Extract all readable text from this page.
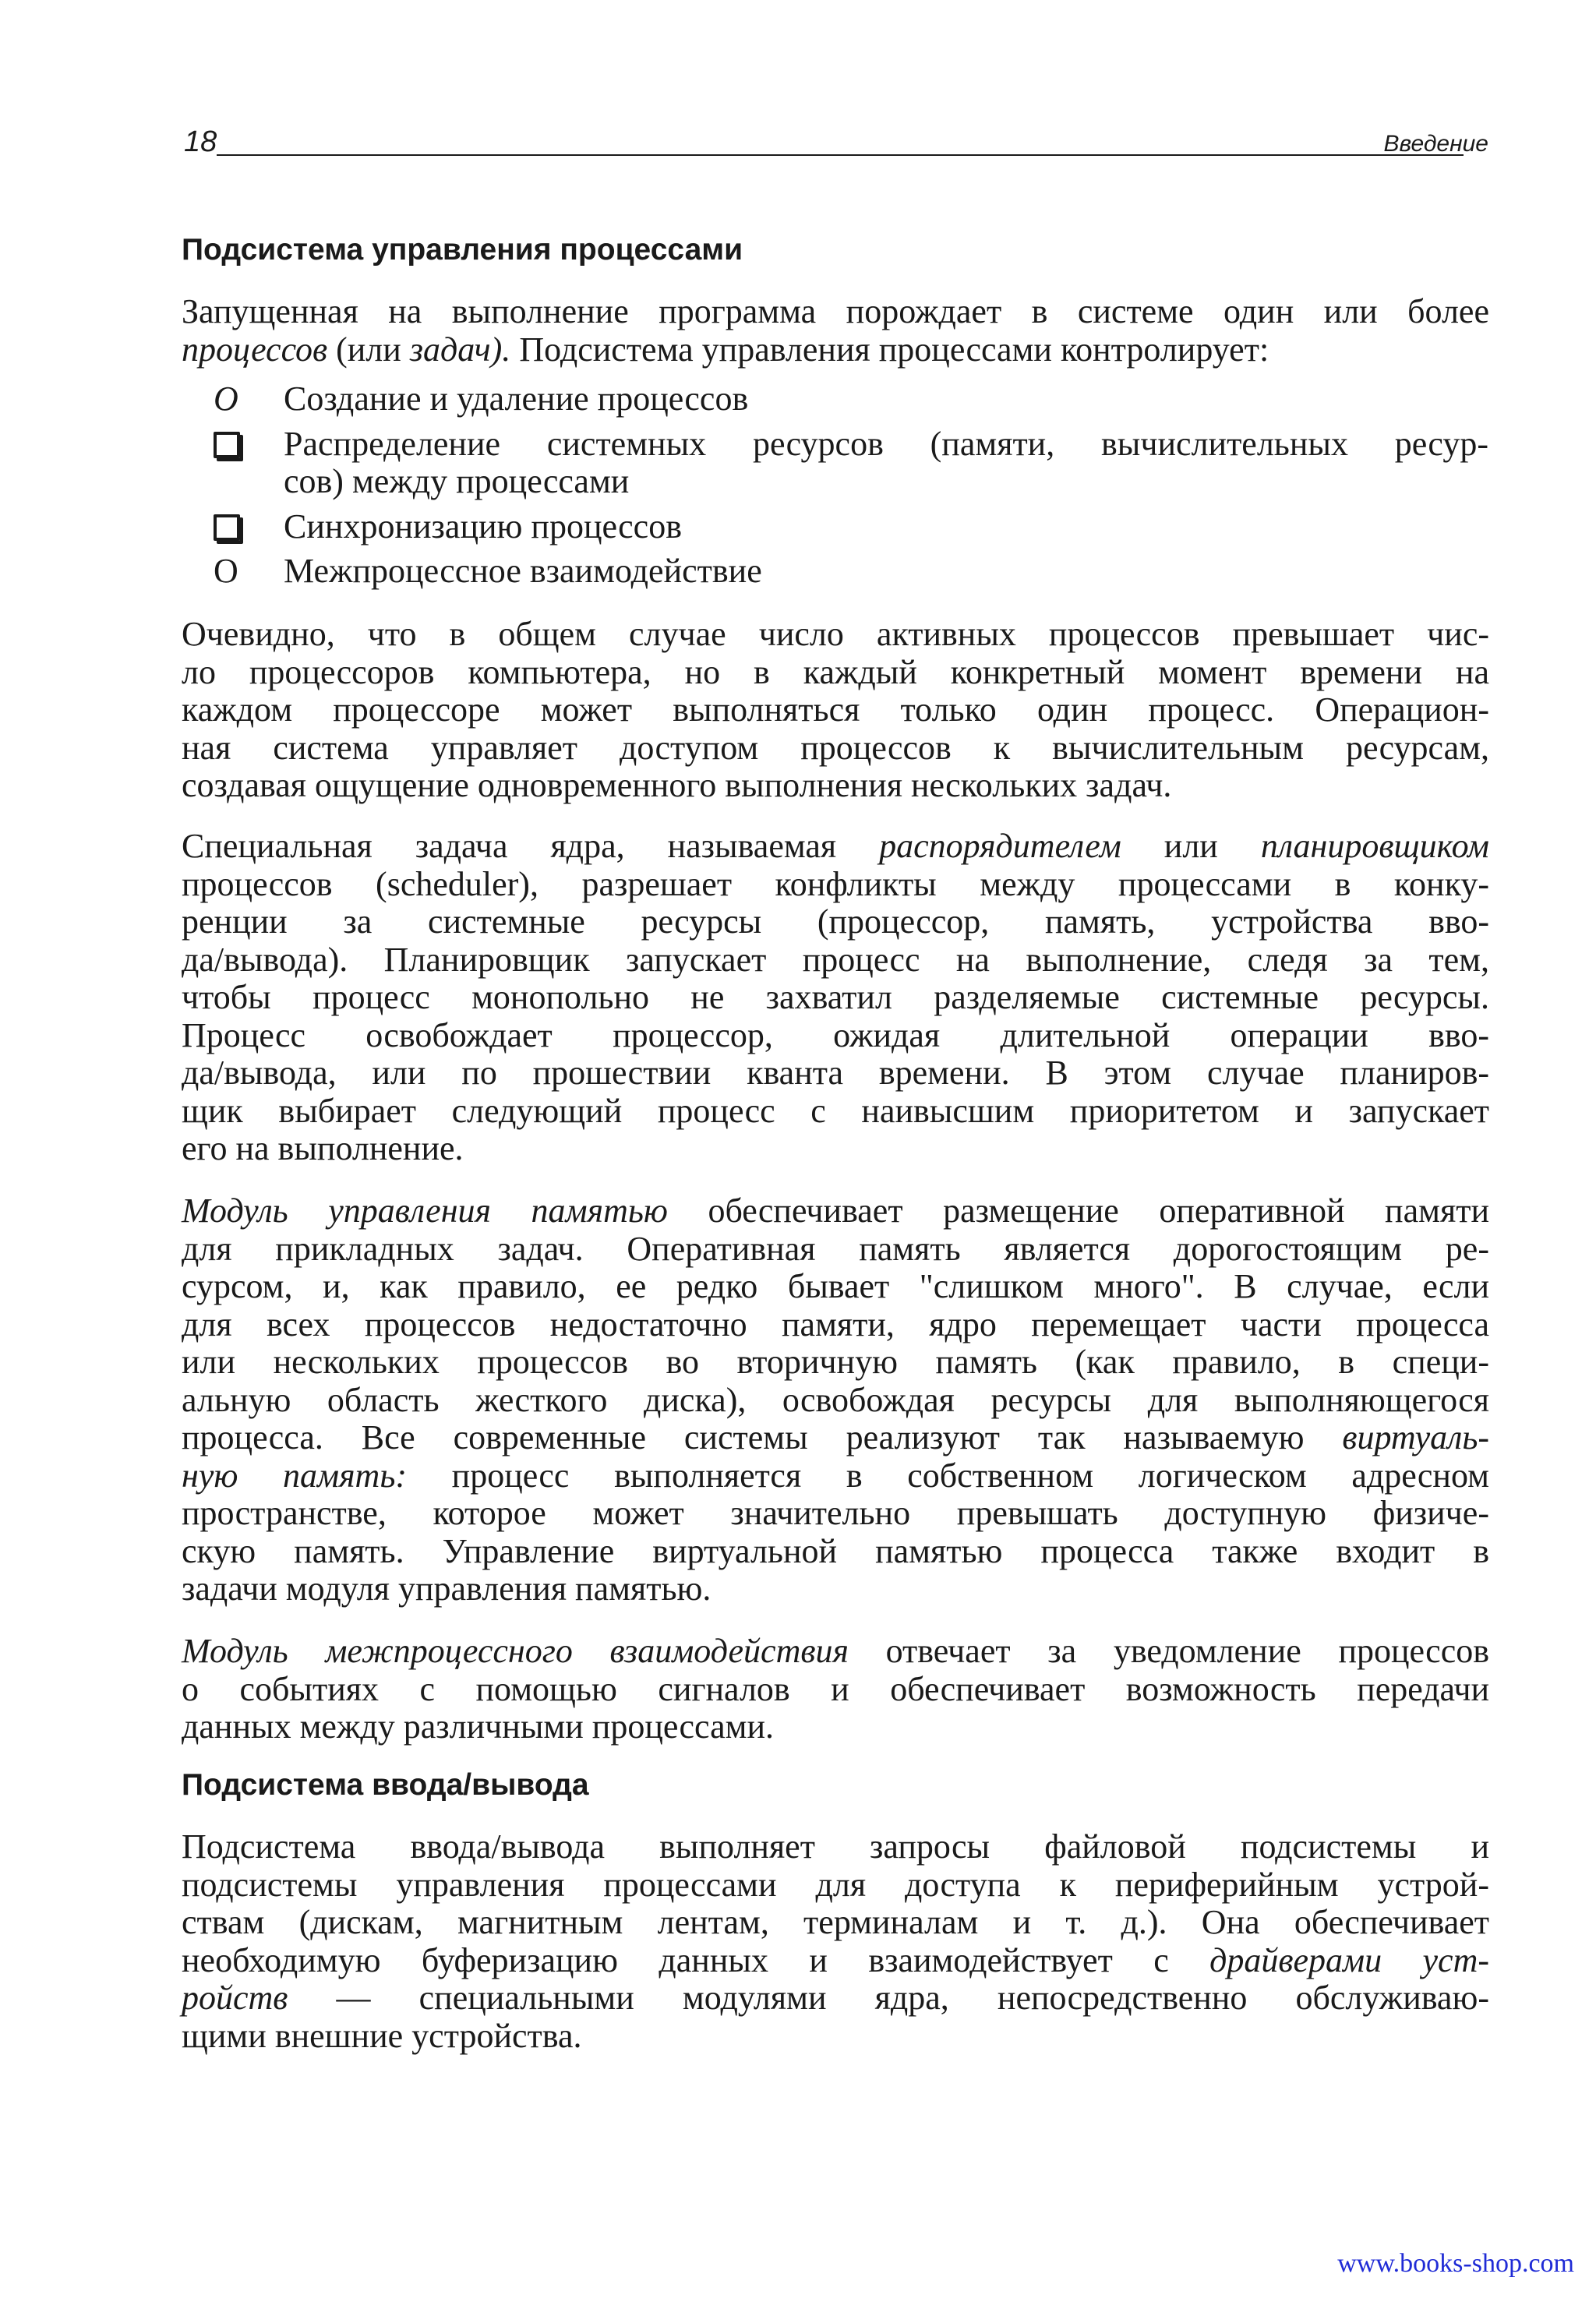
18	Введение
Подсистема управления процессами

Запущенная на выполнение программа порождает в системе один или более
процессов (или задач). Подсистема управления процессами контролирует:

O	Создание и удаление процессов
Распределение системных ресурсов (памяти, вычислительных ресур-
сов) между процессами
Синхронизацию процессов
О	Межпроцессное взаимодействие

Очевидно, что в общем случае число активных процессов превышает чис-
ло процессоров компьютера, но в каждый конкретный момент времени на
каждом процессоре может выполняться только один процесс. Операцион-
ная система управляет доступом процессов к вычислительным ресурсам,
создавая ощущение одновременного выполнения нескольких задач.

Специальная задача ядра, называемая распорядителем или планировщиком
процессов (scheduler), разрешает конфликты между процессами в конку-
ренции за системные ресурсы (процессор, память, устройства вво-
да/вывода). Планировщик запускает процесс на выполнение, следя за тем,
чтобы процесс монопольно не захватил разделяемые системные ресурсы.
Процесс освобождает процессор, ожидая длительной операции вво-
да/вывода, или по прошествии кванта времени. В этом случае планиров-
щик выбирает следующий процесс с наивысшим приоритетом и запускает
его на выполнение.

Модуль управления памятью обеспечивает размещение оперативной памяти
для прикладных задач. Оперативная память является дорогостоящим ре-
сурсом, и, как правило, ее редко бывает "слишком много". В случае, если
для всех процессов недостаточно памяти, ядро перемещает части процесса
или нескольких процессов во вторичную память (как правило, в специ-
альную область жесткого диска), освобождая ресурсы для выполняющегося
процесса. Все современные системы реализуют так называемую виртуаль-
ную память: процесс выполняется в собственном логическом адресном
пространстве, которое может значительно превышать доступную физиче-
скую память. Управление виртуальной памятью процесса также входит в
задачи модуля управления памятью.

Модуль межпроцессного взаимодействия отвечает за уведомление процессов
о событиях с помощью сигналов и обеспечивает возможность передачи
данных между различными процессами.

Подсистема ввода/вывода

Подсистема ввода/вывода выполняет запросы файловой подсистемы и
подсистемы управления процессами для доступа к периферийным устрой-
ствам (дискам, магнитным лентам, терминалам и т. д.). Она обеспечивает
необходимую буферизацию данных и взаимодействует с драйверами уст-
ройств — специальными модулями ядра, непосредственно обслуживаю-
щими внешние устройства.

www.books-shop.com
